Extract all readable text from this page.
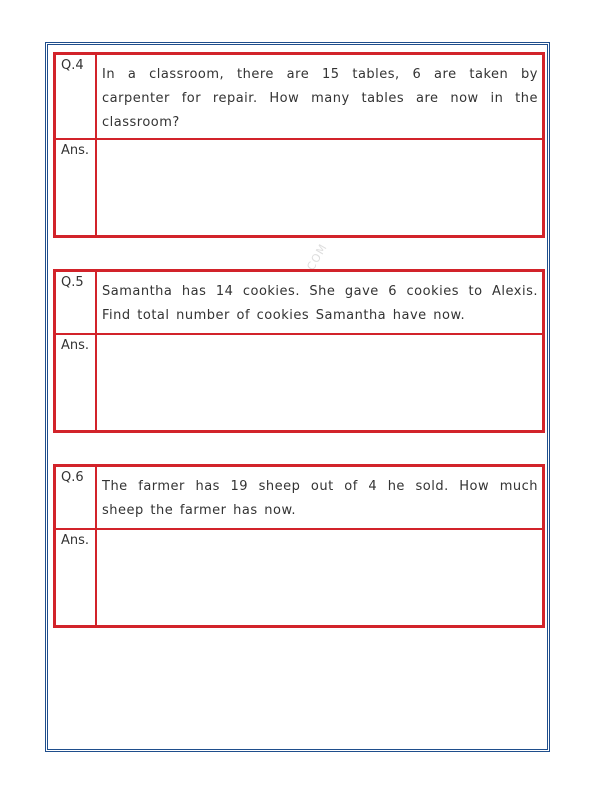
Q.4
In a classroom, there are 15 tables, 6 are taken by carpenter for repair. How many tables are now in the classroom?
Ans.
Q.5
Samantha has 14 cookies. She gave 6 cookies to Alexis. Find total number of cookies Samantha have now.
Ans.
Q.6
The farmer has 19 sheep out of 4 he sold. How much sheep the farmer has now.
Ans.
